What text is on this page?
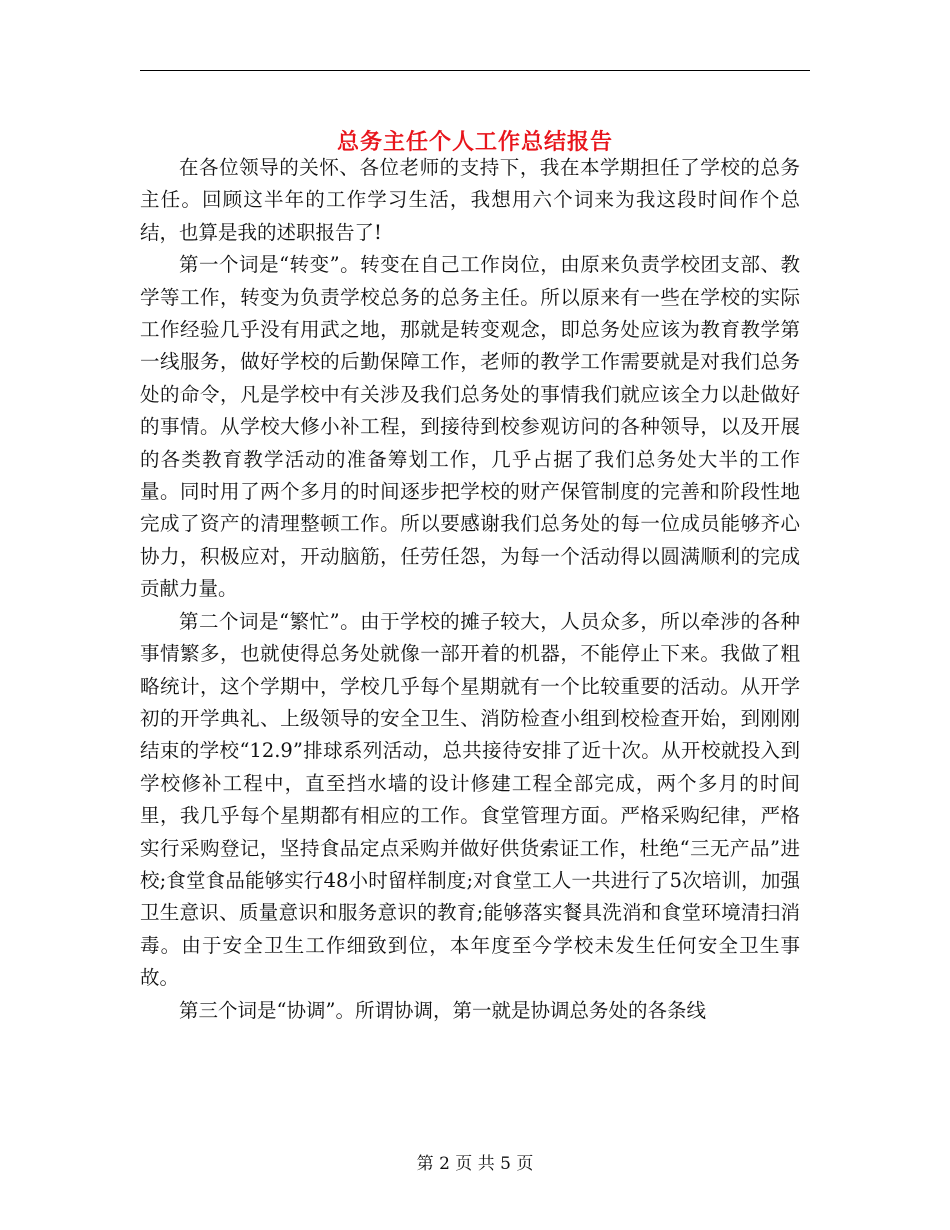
总务主任个人工作总结报告

在各位领导的关怀、各位老师的支持下，我在本学期担任了学校的总务主任。回顾这半年的工作学习生活，我想用六个词来为我这段时间作个总结，也算是我的述职报告了!

第一个词是“转变”。转变在自己工作岗位，由原来负责学校团支部、教学等工作，转变为负责学校总务的总务主任。所以原来有一些在学校的实际工作经验几乎没有用武之地，那就是转变观念，即总务处应该为教育教学第一线服务，做好学校的后勤保障工作，老师的教学工作需要就是对我们总务处的命令，凡是学校中有关涉及我们总务处的事情我们就应该全力以赴做好的事情。从学校大修小补工程，到接待到校参观访问的各种领导，以及开展的各类教育教学活动的准备筹划工作，几乎占据了我们总务处大半的工作量。同时用了两个多月的时间逐步把学校的财产保管制度的完善和阶段性地完成了资产的清理整顿工作。所以要感谢我们总务处的每一位成员能够齐心协力，积极应对，开动脑筋，任劳任怨，为每一个活动得以圆满顺利的完成贡献力量。

第二个词是“繁忙”。由于学校的摊子较大，人员众多，所以牵涉的各种事情繁多，也就使得总务处就像一部开着的机器，不能停止下来。我做了粗略统计，这个学期中，学校几乎每个星期就有一个比较重要的活动。从开学初的开学典礼、上级领导的安全卫生、消防检查小组到校检查开始，到刚刚结束的学校“12.9”排球系列活动，总共接待安排了近十次。从开校就投入到学校修补工程中，直至挡水墙的设计修建工程全部完成，两个多月的时间里，我几乎每个星期都有相应的工作。食堂管理方面。严格采购纪律，严格实行采购登记，坚持食品定点采购并做好供货索证工作，杜绝“三无产品”进校;食堂食品能够实行48小时留样制度;对食堂工人一共进行了5次培训，加强卫生意识、质量意识和服务意识的教育;能够落实餐具洗消和食堂环境清扫消毒。由于安全卫生工作细致到位，本年度至今学校未发生任何安全卫生事故。

第三个词是“协调”。所谓协调，第一就是协调总务处的各条线

第 2 页 共 5 页
